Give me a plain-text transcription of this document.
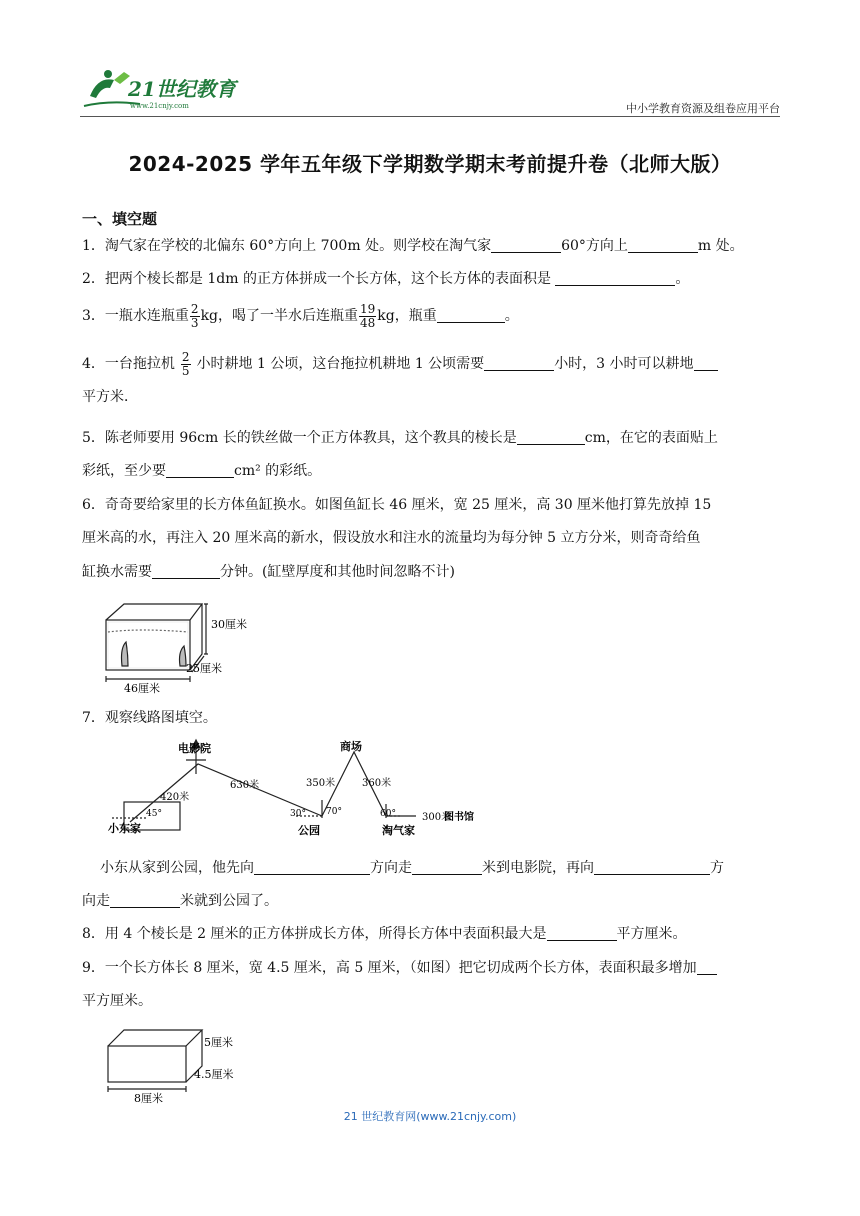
21世纪教育
www.21cnjy.com	中小学教育资源及组卷应用平台
2024-2025 学年五年级下学期数学期末考前提升卷（北师大版）
一、填空题
1．淘气家在学校的北偏东 60°方向上 700m 处。则学校在淘气家	60°方向上	m 处。
2．把两个棱长都是 1dm 的正方体拼成一个长方体，这个长方体的表面积是	。
3．一瓶水连瓶重 $\frac{2}{3}$ kg，喝了一半水后连瓶重 $\frac{19}{48}$ kg，瓶重	。
4．一台拖拉机 $\frac{2}{5}$ 小时耕地 1 公顷，这台拖拉机耕地 1 公顷需要	小时，3 小时可以耕地
平方米．
5．陈老师要用 96cm 长的铁丝做一个正方体教具，这个教具的棱长是	cm，在它的表面贴上
彩纸，至少要	cm² 的彩纸。
6．奇奇要给家里的长方体鱼缸换水。如图鱼缸长 46 厘米，宽 25 厘米，高 30 厘米他打算先放掉 15
厘米高的水，再注入 20 厘米高的新水，假设放水和注水的流量均为每分钟 5 立方分米，则奇奇给鱼
缸换水需要	分钟。(缸壁厚度和其他时间忽略不计)
30厘米
25厘米
46厘米
7．观察线路图填空。
电影院	商场
小东家	公园	淘气家
420米
630米	350米	360米
300米
图书馆
45°	30° 70°	60°
小东从家到公园，他先向	方向走	米到电影院，再向	方
向走	米就到公园了。
8．用 4 个棱长是 2 厘米的正方体拼成长方体，所得长方体中表面积最大是	平方厘米。
9．一个长方体长 8 厘米，宽 4.5 厘米，高 5 厘米，（如图）把它切成两个长方体，表面积最多增加
平方厘米。
5厘米
4.5厘米
8厘米
21 世纪教育网(www.21cnjy.com)
